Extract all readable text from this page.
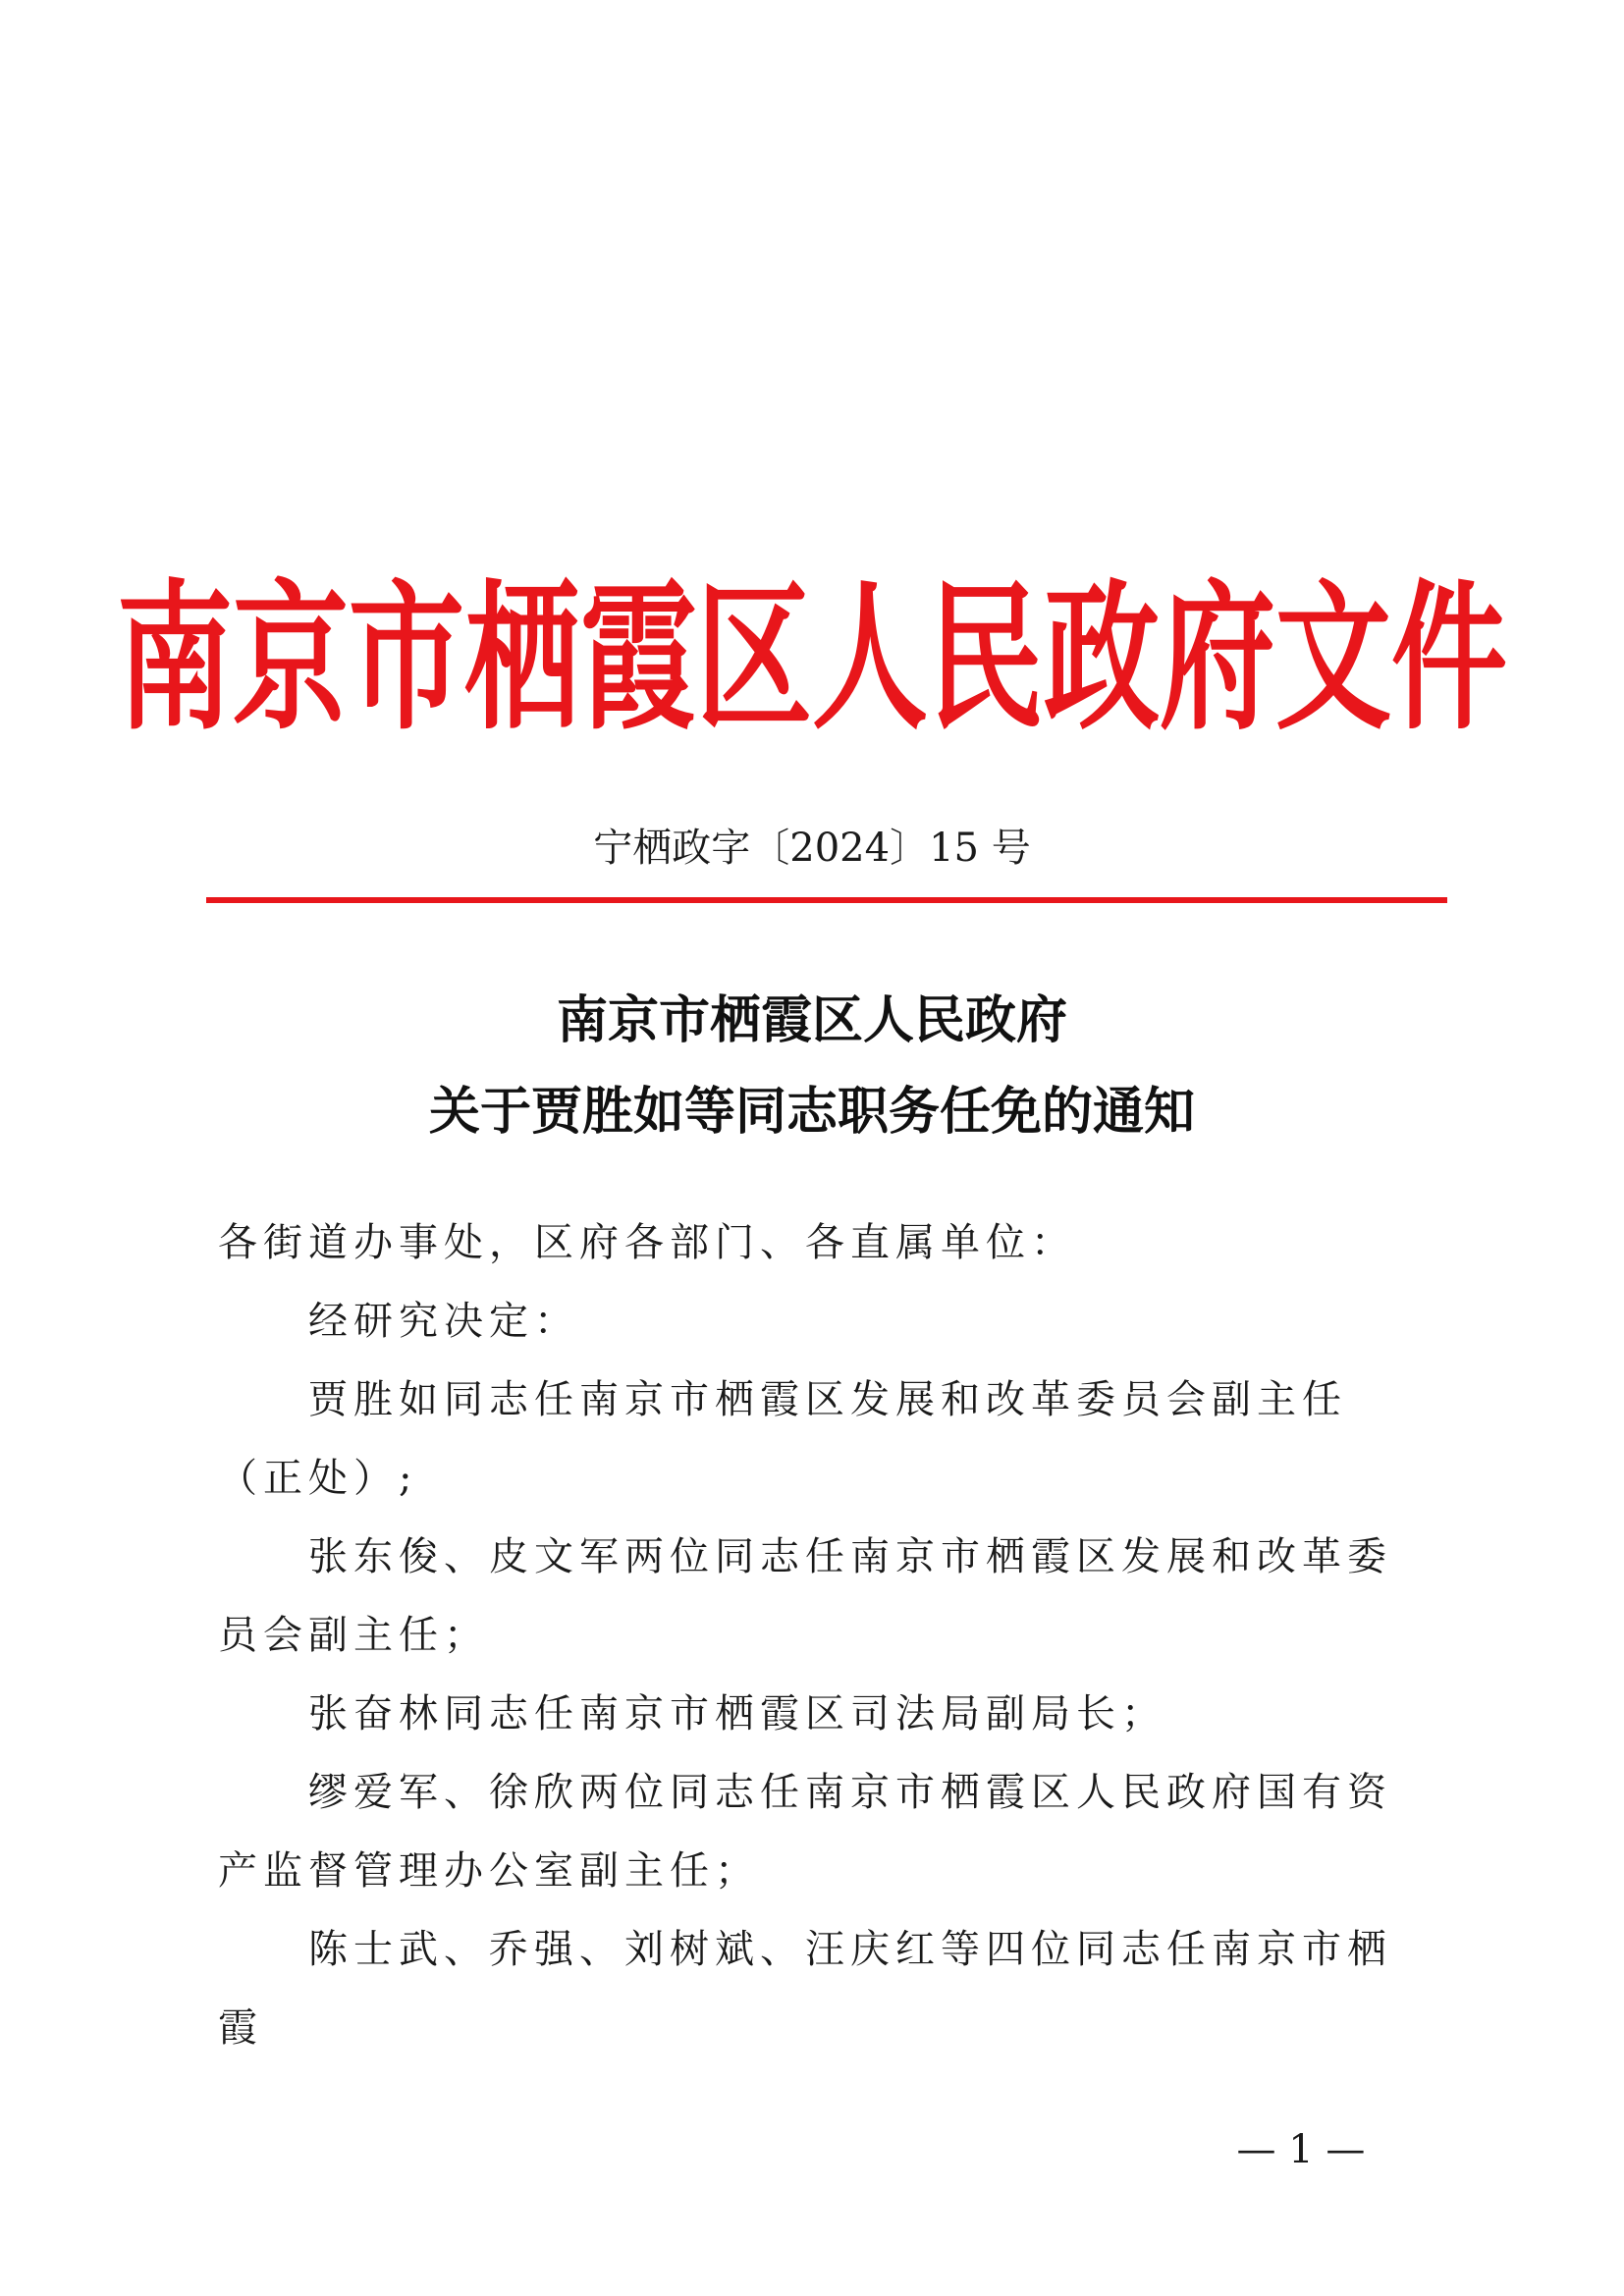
南京市栖霞区人民政府文件
宁栖政字〔2024〕15 号
南京市栖霞区人民政府
关于贾胜如等同志职务任免的通知

各街道办事处，区府各部门、各直属单位：

经研究决定：

贾胜如同志任南京市栖霞区发展和改革委员会副主任（正处）;

张东俊、皮文军两位同志任南京市栖霞区发展和改革委员会副主任；

张奋林同志任南京市栖霞区司法局副局长；

缪爱军、徐欣两位同志任南京市栖霞区人民政府国有资产监督管理办公室副主任；

陈士武、乔强、刘树斌、汪庆红等四位同志任南京市栖霞

— 1 —
